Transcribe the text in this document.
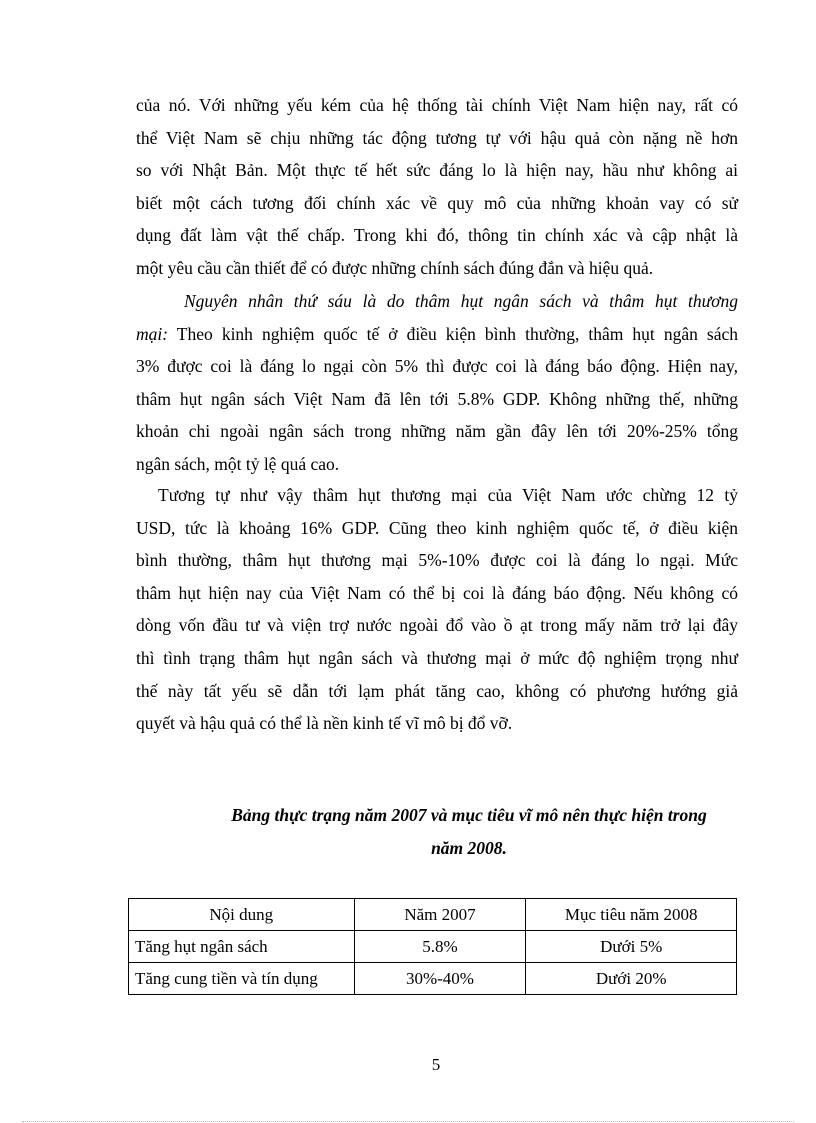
của nó. Với những yếu kém của hệ thống tài chính Việt Nam hiện nay, rất có
thể Việt Nam sẽ chịu những tác động tương tự với hậu quả còn nặng nề hơn
so với Nhật Bản. Một thực tế hết sức đáng lo là hiện nay, hầu như không ai
biết một cách tương đối chính xác về quy mô của những khoản vay có sử
dụng đất làm vật thế chấp. Trong khi đó, thông tin chính xác và cập nhật là
một yêu cầu cần thiết để có được những chính sách đúng đắn và hiệu quả.
Nguyên nhân thứ sáu là do thâm hụt ngân sách và thâm hụt thương
mại: Theo kinh nghiệm quốc tế ở điều kiện bình thường, thâm hụt ngân sách
3% được coi là đáng lo ngại còn 5% thì được coi là đáng báo động. Hiện nay,
thâm hụt ngân sách Việt Nam đã lên tới 5.8% GDP. Không những thế, những
khoản chi ngoài ngân sách trong những năm gần đây lên tới 20%-25% tổng
ngân sách, một tỷ lệ quá cao.
Tương tự như vậy thâm hụt thương mại của Việt Nam ước chừng 12 tỷ
USD, tức là khoảng 16% GDP. Cũng theo kinh nghiệm quốc tế, ở điều kiện
bình thường, thâm hụt thương mại 5%-10% được coi là đáng lo ngại. Mức
thâm hụt hiện nay của Việt Nam có thể bị coi là đáng báo động. Nếu không có
dòng vốn đầu tư và viện trợ nước ngoài đổ vào ồ ạt trong mấy năm trở lại đây
thì tình trạng thâm hụt ngân sách và thương mại ở mức độ nghiệm trọng như
thế này tất yếu sẽ dẫn tới lạm phát tăng cao, không có phương hướng giả
quyết và hậu quả có thể là nền kinh tế vĩ mô bị đổ vỡ.
Bảng thực trạng năm 2007 và mục tiêu vĩ mô nên thực hiện trong
năm 2008.
Nội dung	Năm 2007	Mục tiêu năm 2008
Tăng hụt ngân sách	5.8%	Dưới 5%
Tăng cung tiền và tín dụng	30%-40%	Dưới 20%
5
